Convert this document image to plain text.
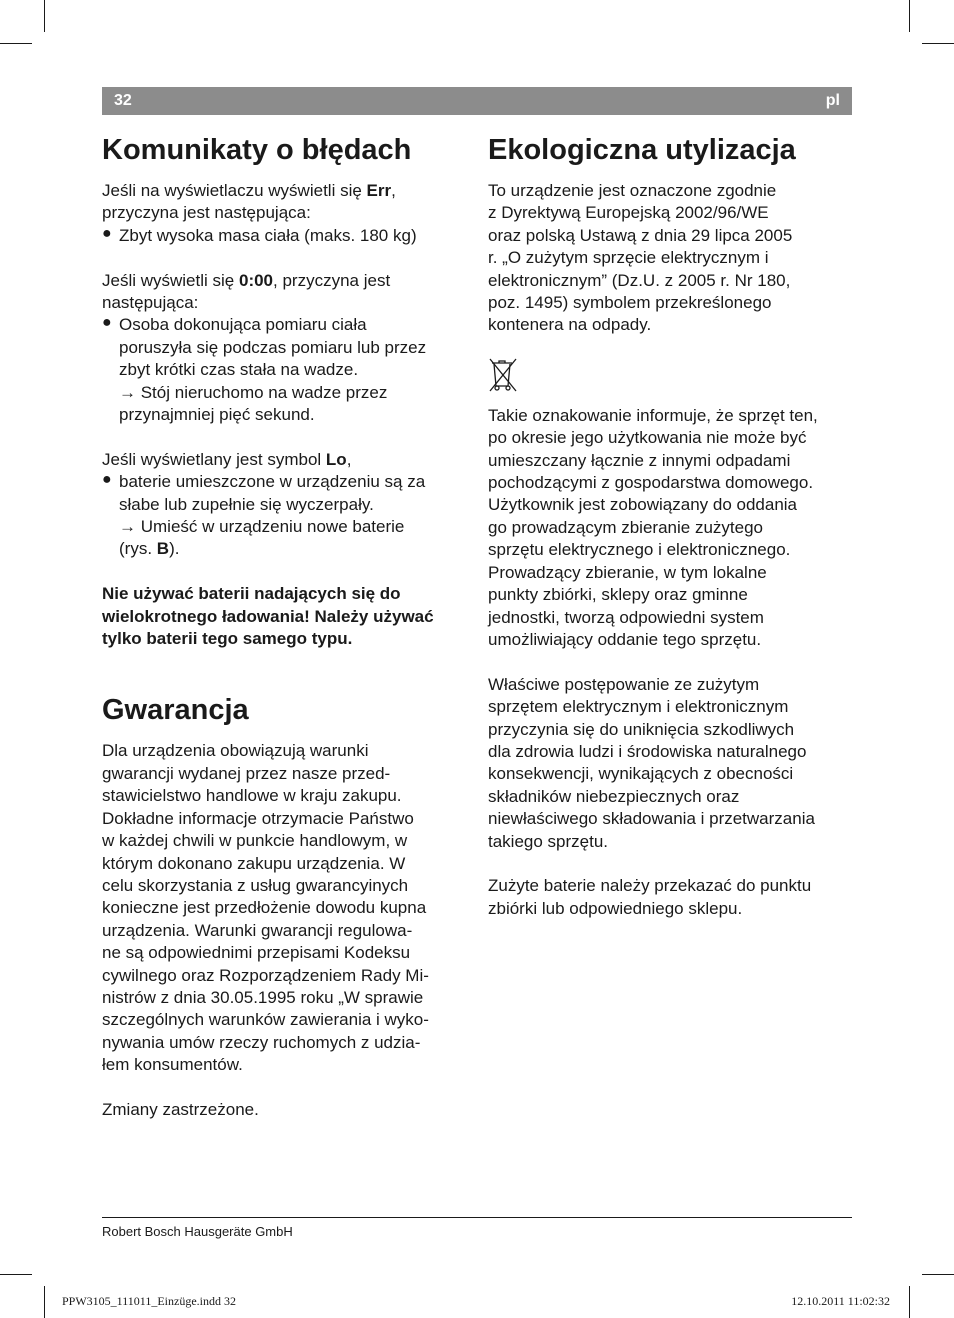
32	pl
Komunikaty o błędach

Jeśli na wyświetlaczu wyświetli się Err,
przyczyna jest następująca:

● Zbyt wysoka masa ciała (maks. 180 kg)

Jeśli wyświetli się 0:00, przyczyna jest
następująca:

● Osoba dokonująca pomiaru ciała
poruszyła się podczas pomiaru lub przez
zbyt krótki czas stała na wadze.
→ Stój nieruchomo na wadze przez
przynajmniej pięć sekund.

Jeśli wyświetlany jest symbol Lo,

● baterie umieszczone w urządzeniu są za
słabe lub zupełnie się wyczerpały.
→ Umieść w urządzeniu nowe baterie
(rys. B).

Nie używać baterii nadających się do
wielokrotnego ładowania! Należy używać
tylko baterii tego samego typu.

Gwarancja

Dla urządzenia obowiązują warunki
gwarancji wydanej przez nasze przed-
stawicielstwo handlowe w kraju zakupu.
Dokładne informacje otrzymacie Państwo
w każdej chwili w punkcie handlowym, w
którym dokonano zakupu urządzenia. W
celu skorzystania z usług gwarancyinych
konieczne jest przedłożenie dowodu kupna
urządzenia. Warunki gwarancji regulowa-
ne są odpowiednimi przepisami Kodeksu
cywilnego oraz Rozporządzeniem Rady Mi-
nistrów z dnia 30.05.1995 roku „W sprawie
szczególnych warunków zawierania i wyko-
nywania umów rzeczy ruchomych z udzia-
łem konsumentów.

Zmiany zastrzeżone.

Ekologiczna utylizacja

To urządzenie jest oznaczone zgodnie
z Dyrektywą Europejską 2002/96/WE
oraz polską Ustawą z dnia 29 lipca 2005
r. „O zużytym sprzęcie elektrycznym i
elektronicznym” (Dz.U. z 2005 r. Nr 180,
poz. 1495) symbolem przekreślonego
kontenera na odpady.

Takie oznakowanie informuje, że sprzęt ten,
po okresie jego użytkowania nie może być
umieszczany łącznie z innymi odpadami
pochodzącymi z gospodarstwa domowego.
Użytkownik jest zobowiązany do oddania
go prowadzącym zbieranie zużytego
sprzętu elektrycznego i elektronicznego.
Prowadzący zbieranie, w tym lokalne
punkty zbiórki, sklepy oraz gminne
jednostki, tworzą odpowiedni system
umożliwiający oddanie tego sprzętu.

Właściwe postępowanie ze zużytym
sprzętem elektrycznym i elektronicznym
przyczynia się do uniknięcia szkodliwych
dla zdrowia ludzi i środowiska naturalnego
konsekwencji, wynikających z obecności
składników niebezpiecznych oraz
niewłaściwego składowania i przetwarzania
takiego sprzętu.

Zużyte baterie należy przekazać do punktu
zbiórki lub odpowiedniego sklepu.

Robert Bosch Hausgeräte GmbH
PPW3105_111011_Einzüge.indd 32	12.10.2011 11:02:32
